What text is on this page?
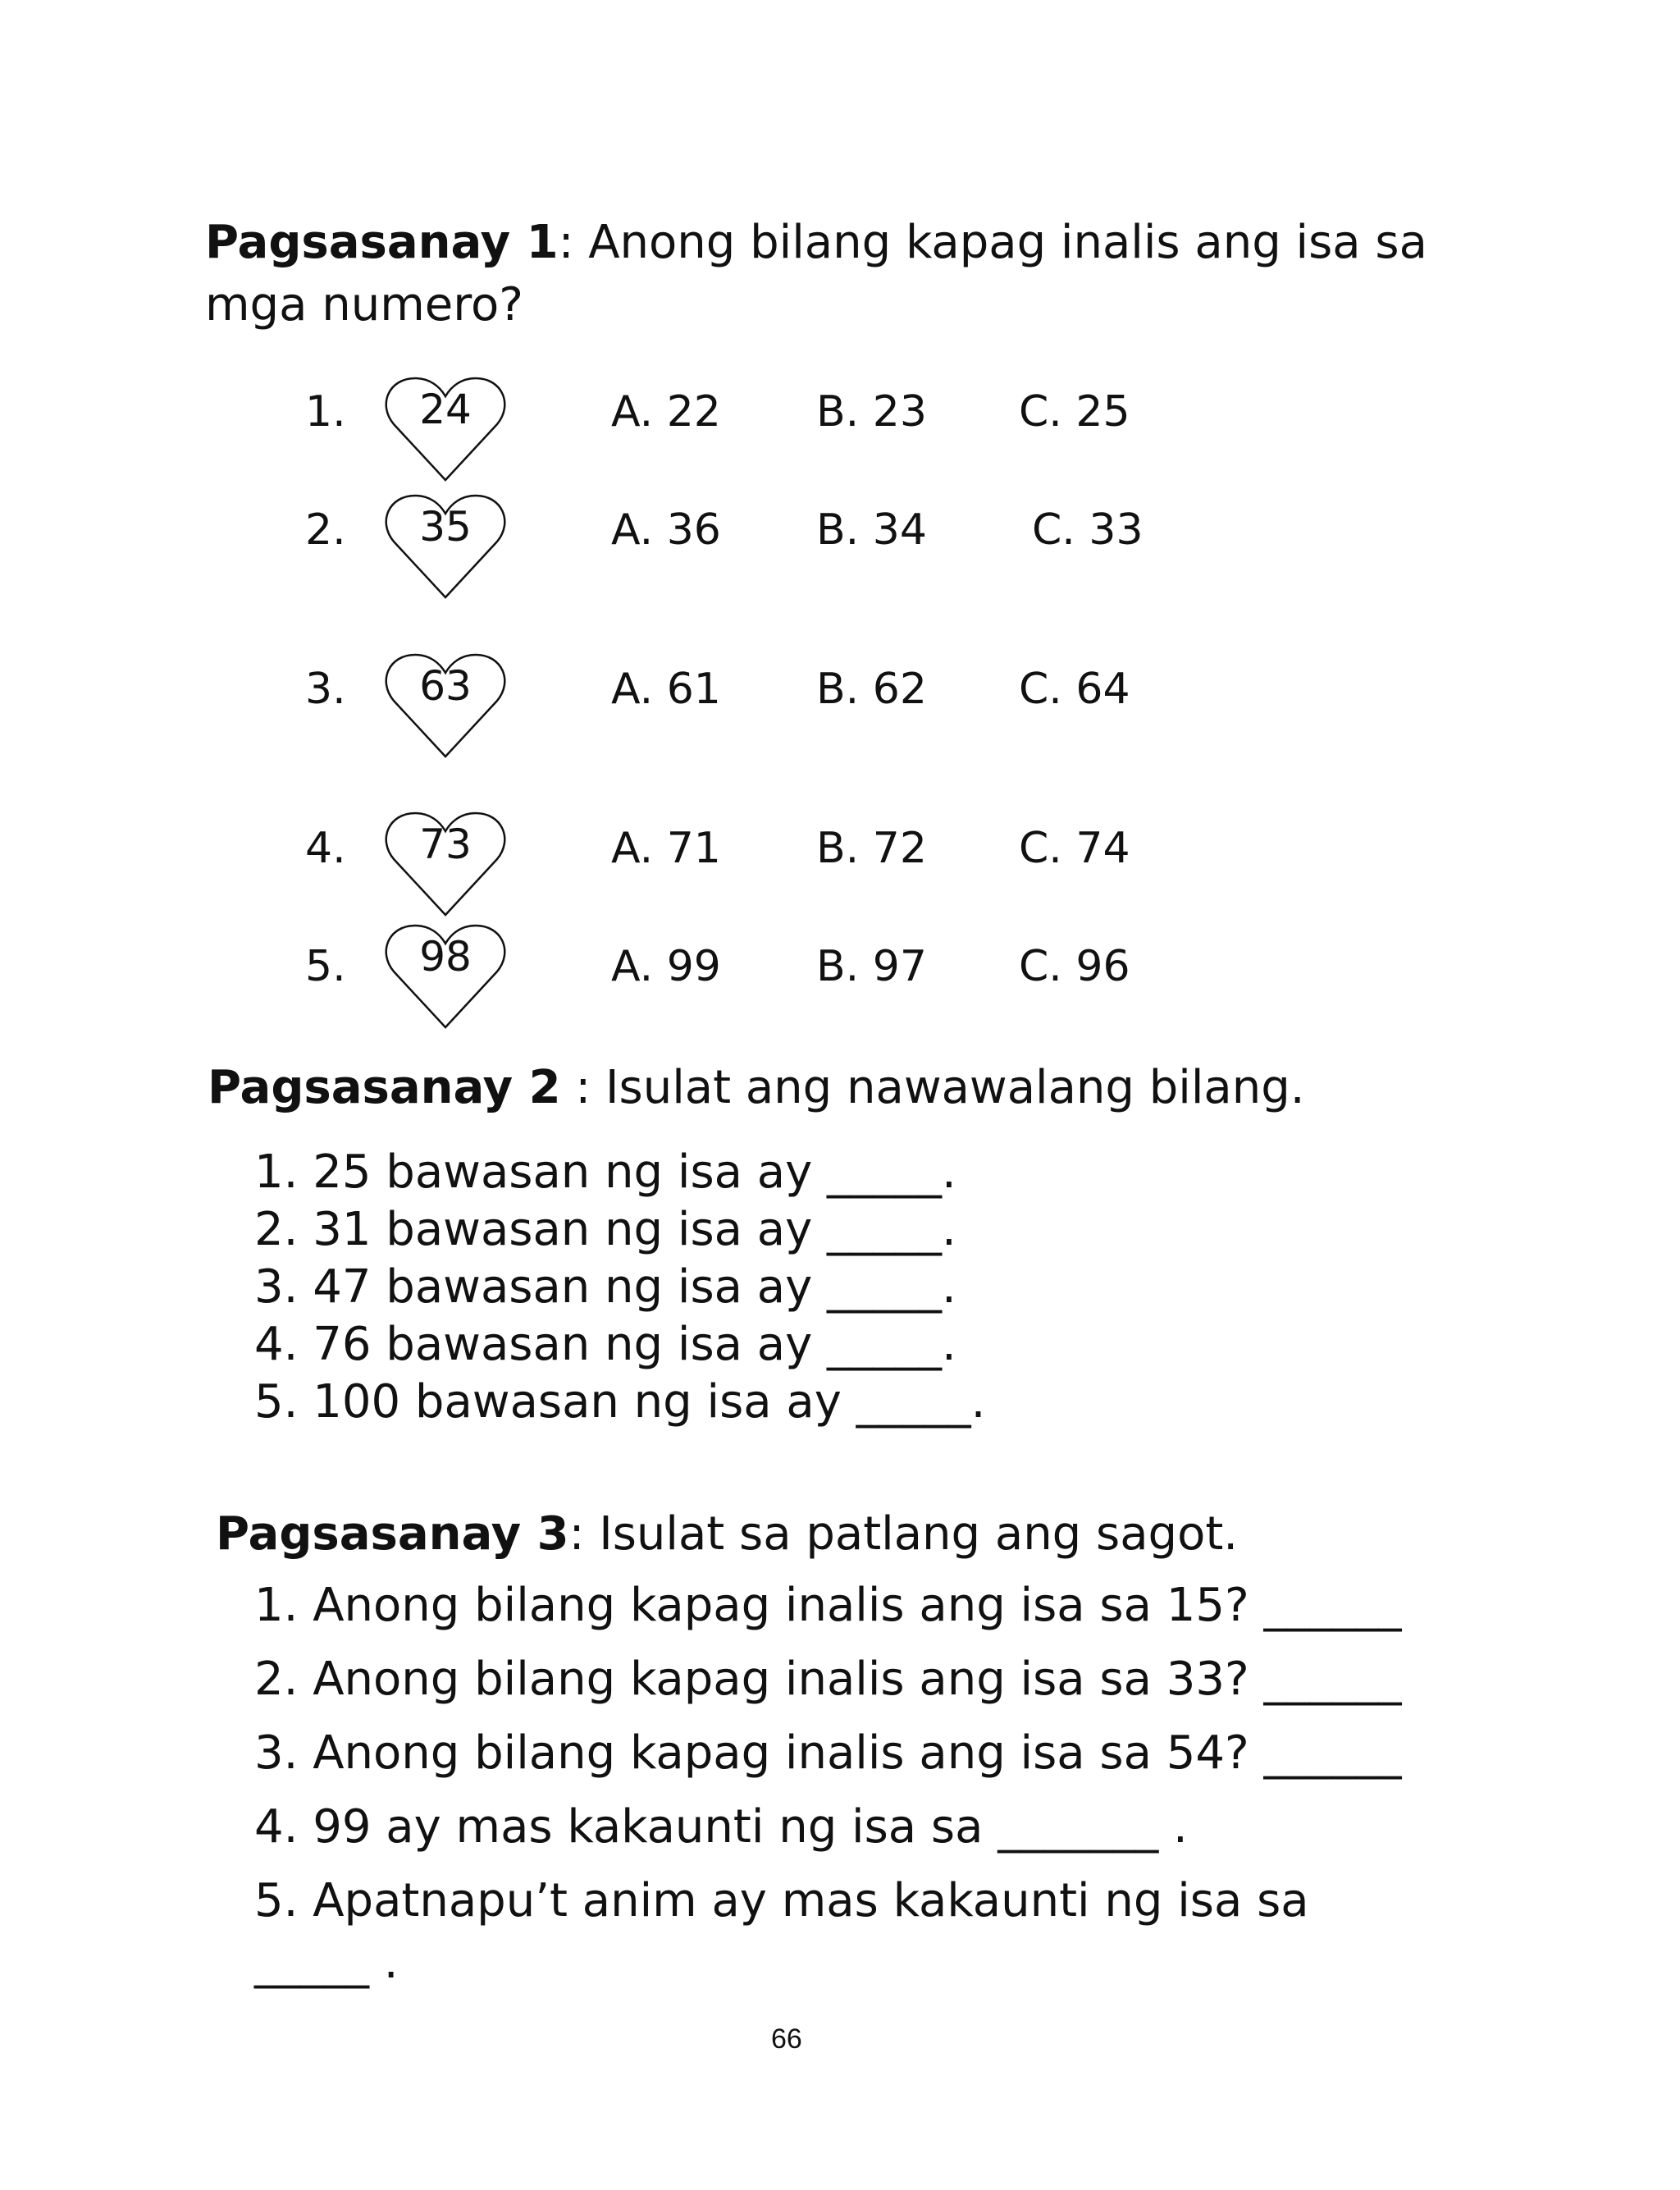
Pagsasanay 1: Anong bilang kapag inalis ang isa sa
mga numero?
1.	24	A. 22 B. 23 C. 25
2.	35	A. 36 B. 34 C. 33
3.	63	A. 61 B. 62 C. 64
4.	73	A. 71 B. 72 C. 74
5.	98	A. 99 B. 97 C. 96
Pagsasanay 2 : Isulat ang nawawalang bilang.
1. 25 bawasan ng isa ay _____.
2. 31 bawasan ng isa ay _____.
3. 47 bawasan ng isa ay _____.
4. 76 bawasan ng isa ay _____.
5. 100 bawasan ng isa ay _____.
Pagsasanay 3: Isulat sa patlang ang sagot.
1. Anong bilang kapag inalis ang isa sa 15? ______
2. Anong bilang kapag inalis ang isa sa 33? ______
3. Anong bilang kapag inalis ang isa sa 54? ______
4. 99 ay mas kakaunti ng isa sa _______ .
5. Apatnapu’t anim ay mas kakaunti ng isa sa
_____ .
66
